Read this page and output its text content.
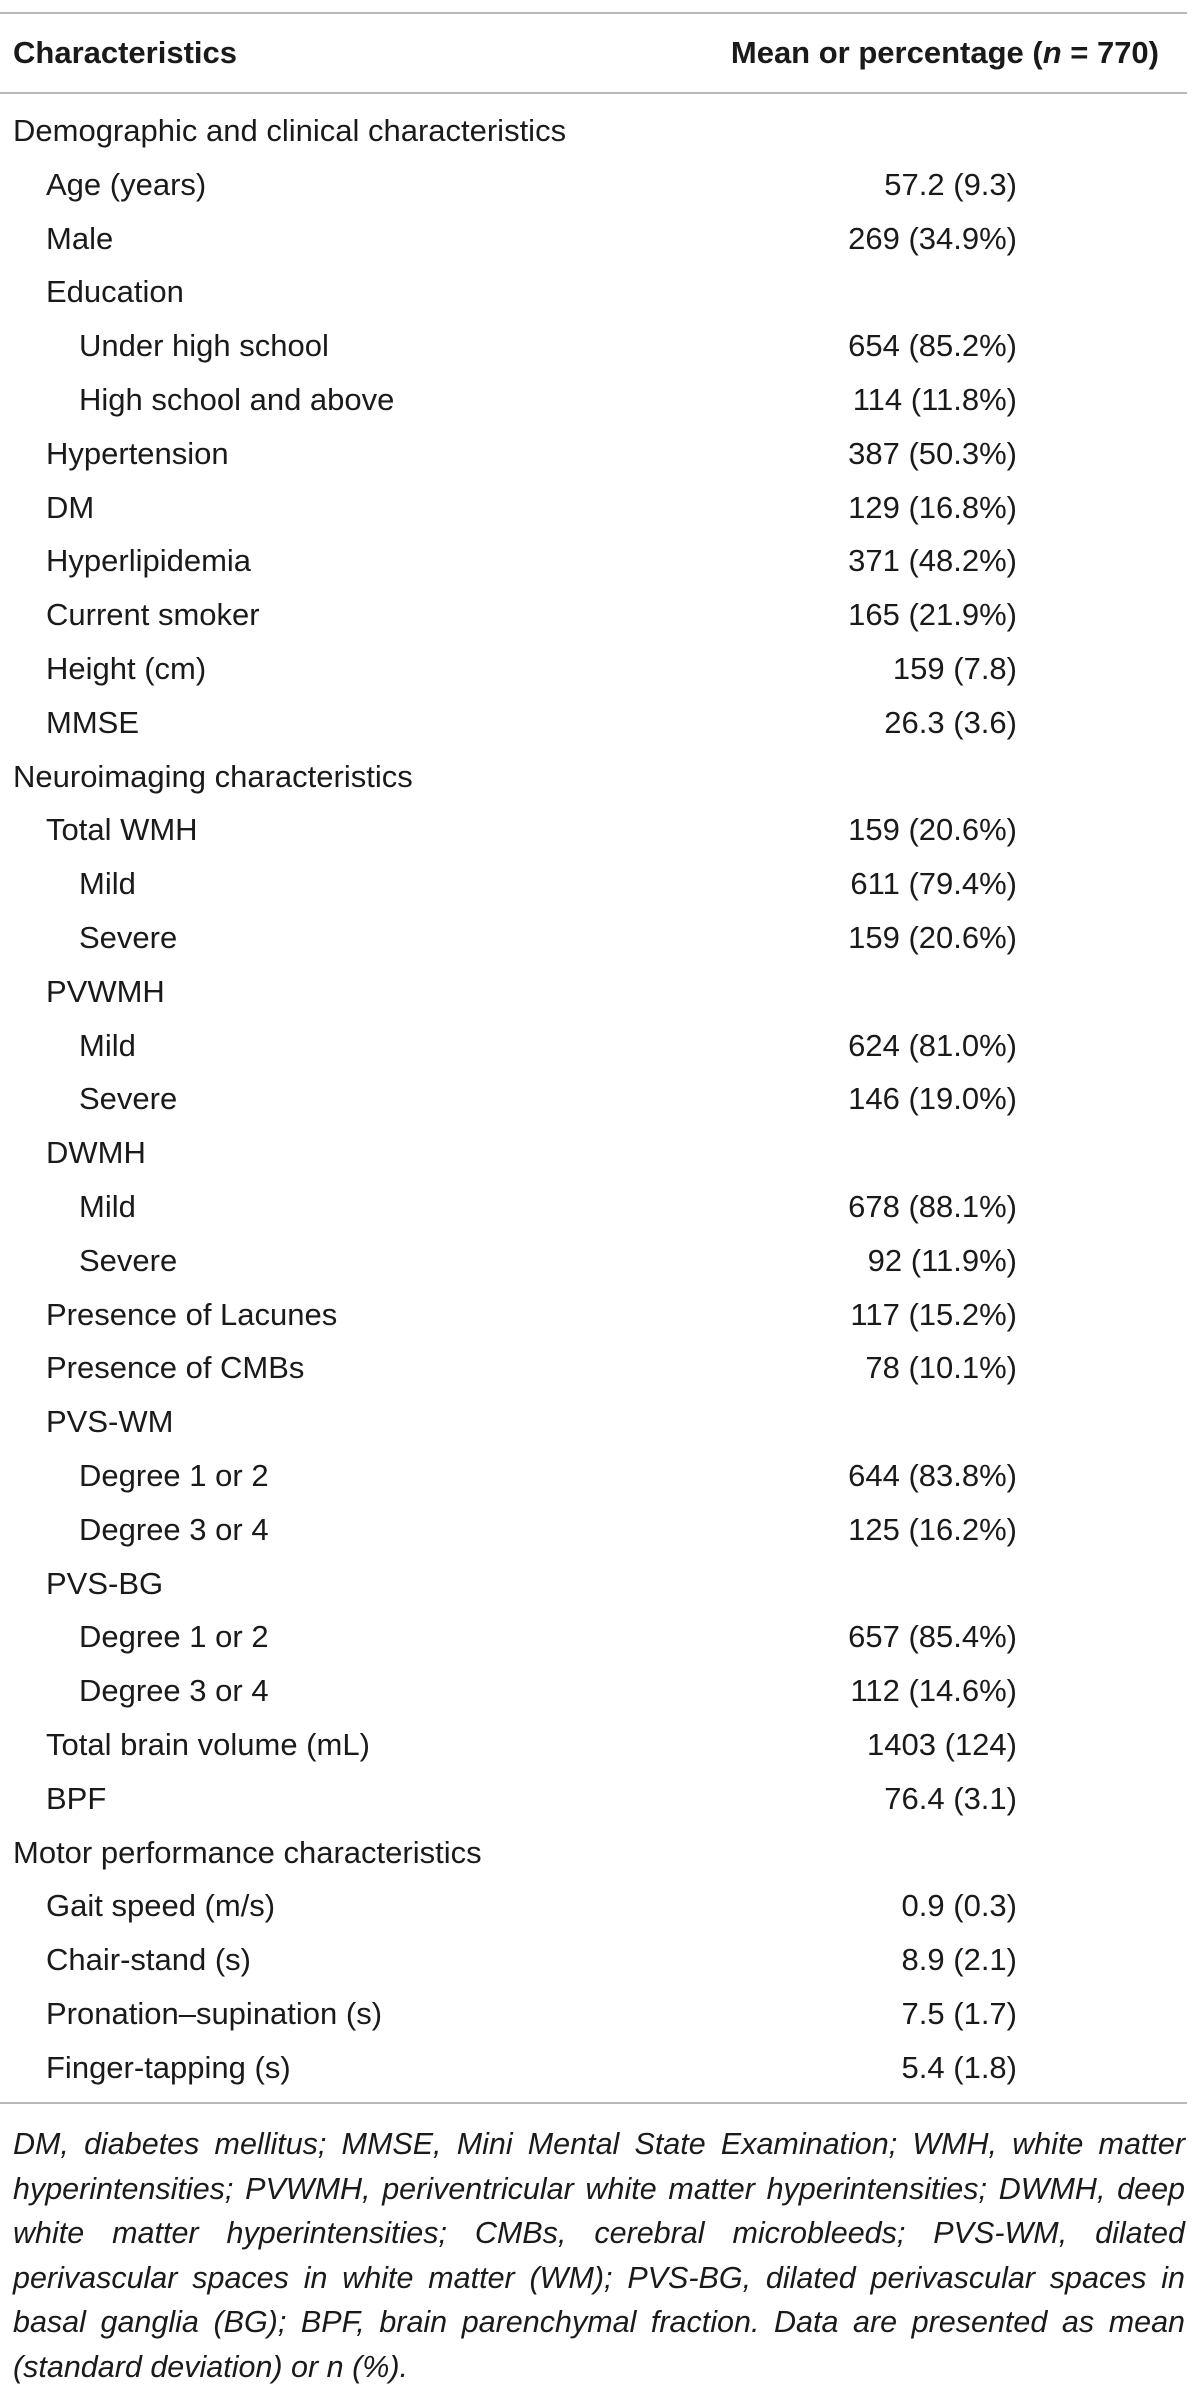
Characteristics	Mean or percentage (n = 770)
Demographic and clinical characteristics
Age (years)	57.2 (9.3)
Male	269 (34.9%)
Education
Under high school	654 (85.2%)
High school and above	114 (11.8%)
Hypertension	387 (50.3%)
DM	129 (16.8%)
Hyperlipidemia	371 (48.2%)
Current smoker	165 (21.9%)
Height (cm)	159 (7.8)
MMSE	26.3 (3.6)
Neuroimaging characteristics
Total WMH	159 (20.6%)
Mild	611 (79.4%)
Severe	159 (20.6%)
PVWMH
Mild	624 (81.0%)
Severe	146 (19.0%)
DWMH
Mild	678 (88.1%)
Severe	92 (11.9%)
Presence of Lacunes	117 (15.2%)
Presence of CMBs	78 (10.1%)
PVS-WM
Degree 1 or 2	644 (83.8%)
Degree 3 or 4	125 (16.2%)
PVS-BG
Degree 1 or 2	657 (85.4%)
Degree 3 or 4	112 (14.6%)
Total brain volume (mL)	1403 (124)
BPF	76.4 (3.1)
Motor performance characteristics
Gait speed (m/s)	0.9 (0.3)
Chair-stand (s)	8.9 (2.1)
Pronation–supination (s)	7.5 (1.7)
Finger-tapping (s)	5.4 (1.8)
DM, diabetes mellitus; MMSE, Mini Mental State Examination; WMH, white matter hyperintensities; PVWMH, periventricular white matter hyperintensities; DWMH, deep white matter hyperintensities; CMBs, cerebral microbleeds; PVS-WM, dilated perivascular spaces in white matter (WM); PVS-BG, dilated perivascular spaces in basal ganglia (BG); BPF, brain parenchymal fraction. Data are presented as mean (standard deviation) or n (%).
